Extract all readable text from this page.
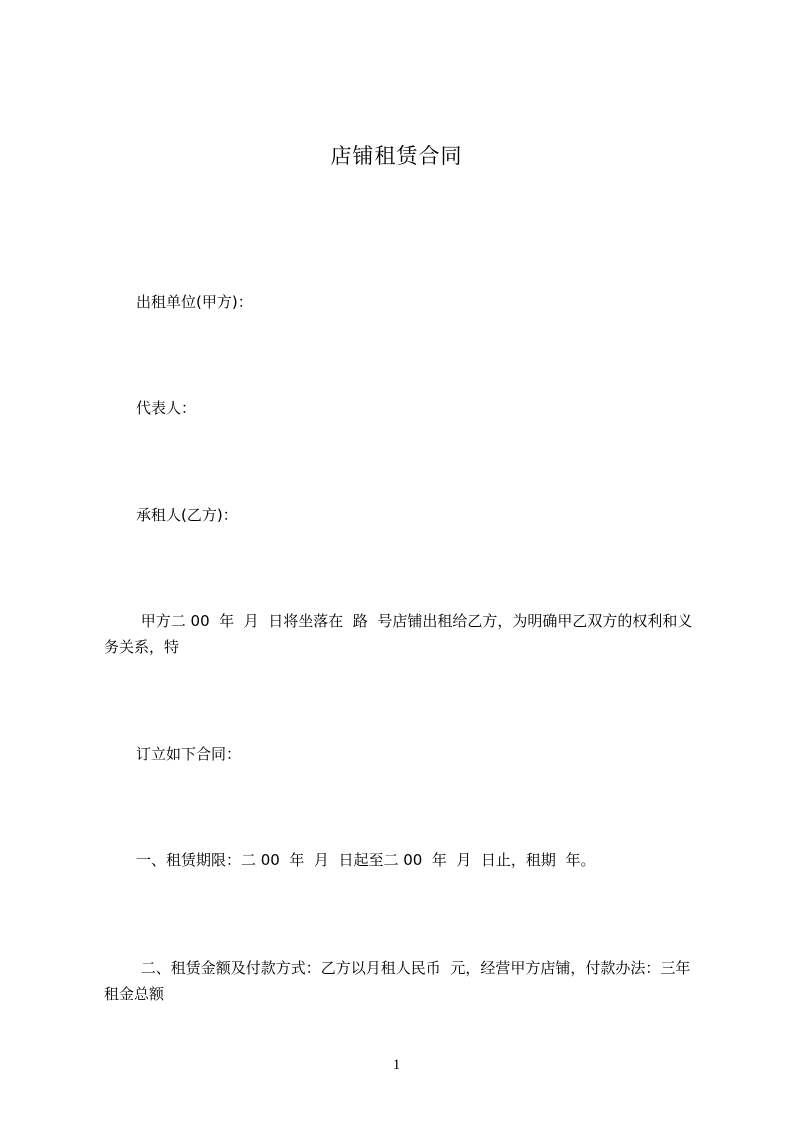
店铺租赁合同
出租单位(甲方)：
代表人：
承租人(乙方)：
甲方二 00  年  月  日将坐落在  路  号店铺出租给乙方，为明确甲乙双方的权利和义务关系，特
订立如下合同：
一、租赁期限：二 00  年  月  日起至二 00  年  月  日止，租期  年。
二、租赁金额及付款方式：乙方以月租人民币  元，经营甲方店铺，付款办法：三年租金总额
1
